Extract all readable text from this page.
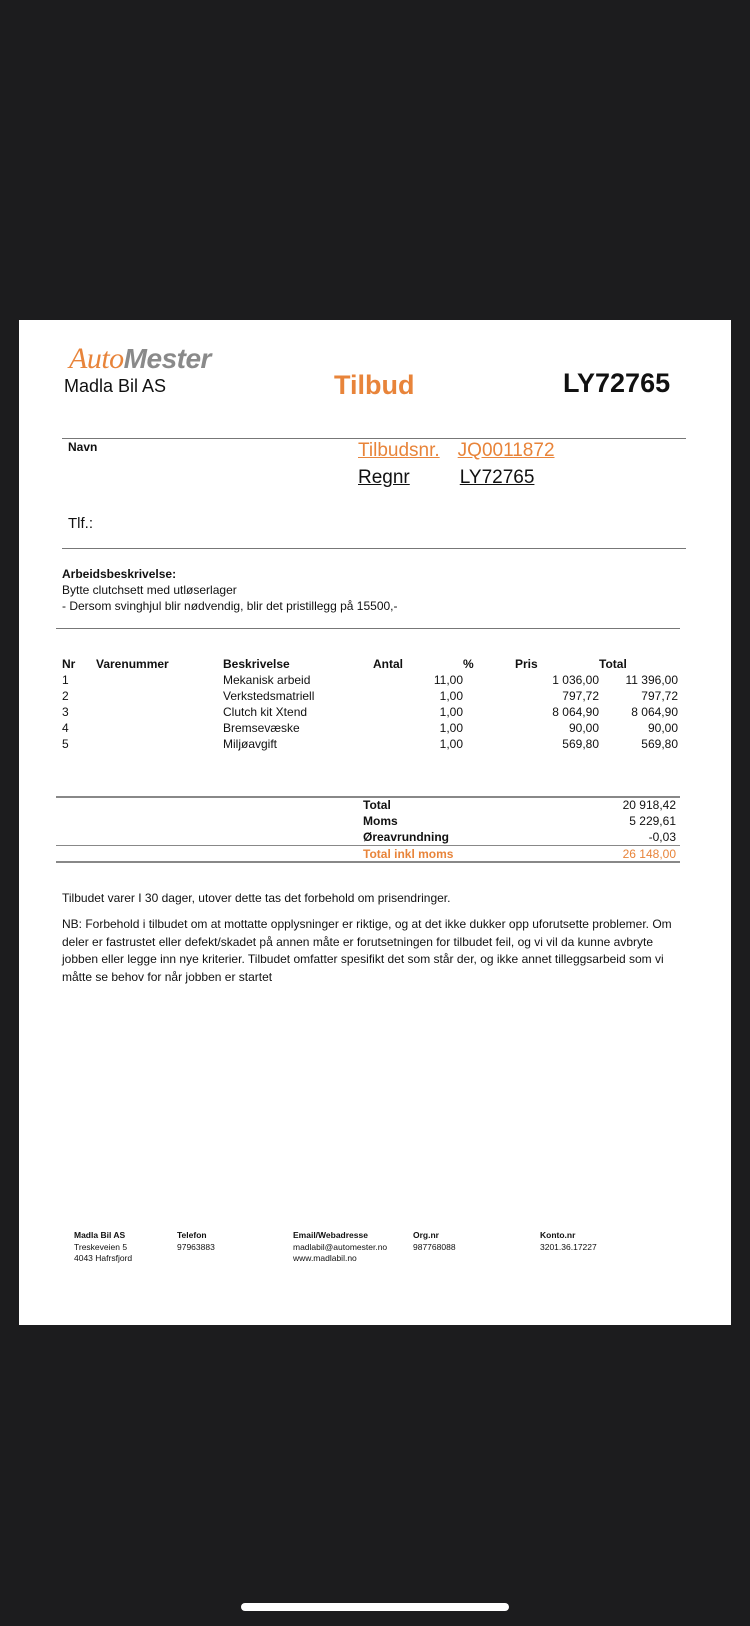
AutoMester
Madla Bil AS	Tilbud	LY72765
Navn	Tilbudsnr. JQ0011872
Regnr	LY72765
Tlf.:
Arbeidsbeskrivelse:
Bytte clutchsett med utløserlager
- Dersom svinghjul blir nødvendig, blir det pristillegg på 15500,-
Nr	Varenummer	Beskrivelse	Antal	%	Pris	Total
1		Mekanisk arbeid	11,00		1 036,00	11 396,00
2		Verkstedsmatriell	1,00		797,72	797,72
3		Clutch kit Xtend	1,00		8 064,90	8 064,90
4		Bremsevæske	1,00		90,00	90,00
5		Miljøavgift	1,00		569,80	569,80
Total	20 918,42
Moms	5 229,61
Øreavrundning	-0,03
Total inkl moms	26 148,00
Tilbudet varer I 30 dager, utover dette tas det forbehold om prisendringer.
NB: Forbehold i tilbudet om at mottatte opplysninger er riktige, og at det ikke dukker opp uforutsette problemer. Om deler er fastrustet eller defekt/skadet på annen måte er forutsetningen for tilbudet feil, og vi vil da kunne avbryte jobben eller legge inn nye kriterier. Tilbudet omfatter spesifikt det som står der, og ikke annet tilleggsarbeid som vi måtte se behov for når jobben er startet
Madla Bil AS
Treskeveien 5
4043 Hafrsfjord
Telefon
97963883
Email/Webadresse
madlabil@automester.no
www.madlabil.no
Org.nr
987768088
Konto.nr
3201.36.17227
